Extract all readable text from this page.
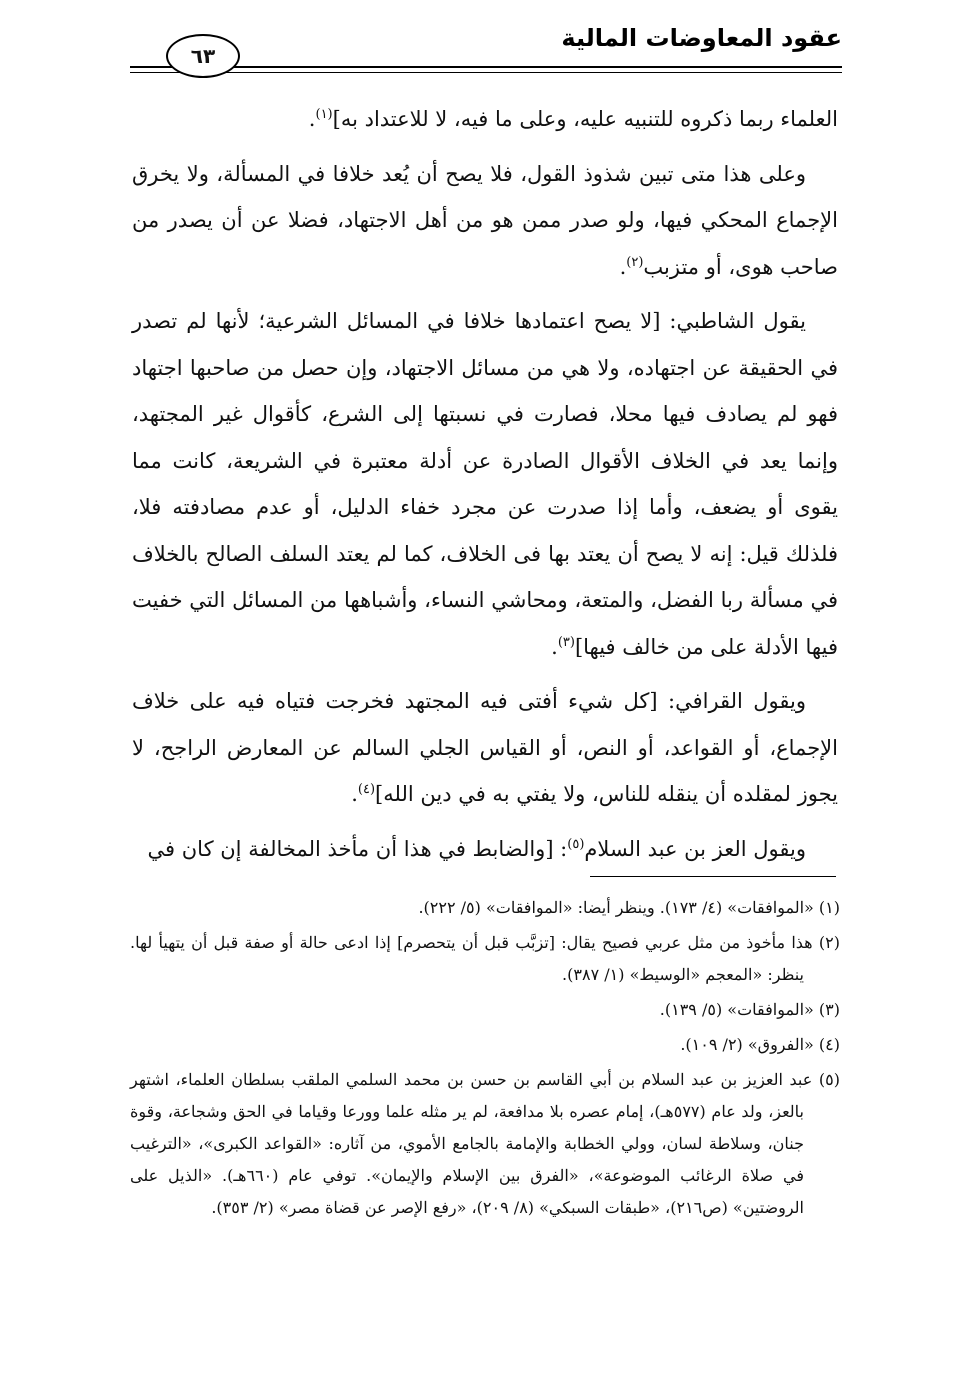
عقود المعاوضات المالية
٦٣

العلماء ربما ذكروه للتنبيه عليه، وعلى ما فيه، لا للاعتداد به]$^{(١)}$.

وعلى هذا متى تبين شذوذ القول، فلا يصح أن يُعد خلافا في المسألة، ولا يخرق الإجماع المحكي فيها، ولو صدر ممن هو من أهل الاجتهاد، فضلا عن أن يصدر من صاحب هوى، أو متزبب$^{(٢)}$.

يقول الشاطبي: [لا يصح اعتمادها خلافا في المسائل الشرعية؛ لأنها لم تصدر في الحقيقة عن اجتهاده، ولا هي من مسائل الاجتهاد، وإن حصل من صاحبها اجتهاد فهو لم يصادف فيها محلا، فصارت في نسبتها إلى الشرع، كأقوال غير المجتهد، وإنما يعد في الخلاف الأقوال الصادرة عن أدلة معتبرة في الشريعة، كانت مما يقوى أو يضعف، وأما إذا صدرت عن مجرد خفاء الدليل، أو عدم مصادفته فلا، فلذلك قيل: إنه لا يصح أن يعتد بها فى الخلاف، كما لم يعتد السلف الصالح بالخلاف في مسألة ربا الفضل، والمتعة، ومحاشي النساء، وأشباهها من المسائل التي خفيت فيها الأدلة على من خالف فيها]$^{(٣)}$.

ويقول القرافي: [كل شيء أفتى فيه المجتهد فخرجت فتياه فيه على خلاف الإجماع، أو القواعد، أو النص، أو القياس الجلي السالم عن المعارض الراجح، لا يجوز لمقلده أن ينقله للناس، ولا يفتي به في دين الله]$^{(٤)}$.

ويقول العز بن عبد السلام$^{(٥)}$: [والضابط في هذا أن مأخذ المخالفة إن كان في

(١) «الموافقات» (٤/ ١٧٣). وينظر أيضا: «الموافقات» (٥/ ٢٢٢).
(٢) هذا مأخوذ من مثل عربي فصيح يقال: [تزبَّب قبل أن يتحصرم] إذا ادعى حالة أو صفة قبل أن يتهيأ لها. ينظر: «المعجم «الوسيط» (١/ ٣٨٧).
(٣) «الموافقات» (٥/ ١٣٩).
(٤) «الفروق» (٢/ ١٠٩).
(٥) عبد العزيز بن عبد السلام بن أبي القاسم بن حسن بن محمد السلمي الملقب بسلطان العلماء، اشتهر بالعز، ولد عام (٥٧٧هـ)، إمام عصره بلا مدافعة، لم ير مثله علما وورعا وقياما في الحق وشجاعة، وقوة جنان، وسلاطة لسان، وولي الخطابة والإمامة بالجامع الأموي، من آثاره: «القواعد الكبرى»، «الترغيب في صلاة الرغائب الموضوعة»، «الفرق بين الإسلام والإيمان». توفي عام (٦٦٠هـ). «الذيل على الروضتين» (ص٢١٦)، «طبقات السبكي» (٨/ ٢٠٩)، «رفع الإصر عن قضاة مصر» (٢/ ٣٥٣).
